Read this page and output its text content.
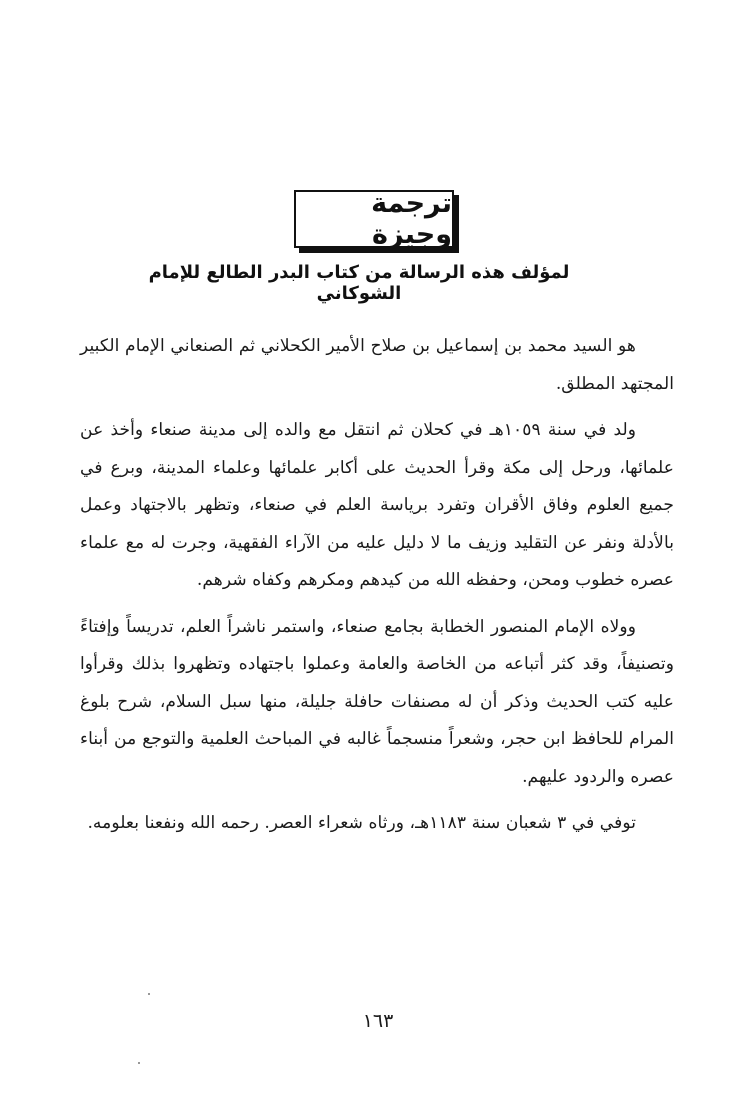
ترجمة وجيزة
لمؤلف هذه الرسالة من كتاب البدر الطالع للإمام الشوكاني

هو السيد محمد بن إسماعيل بن صلاح الأمير الكحلاني ثم الصنعاني الإمام الكبير المجتهد المطلق.

ولد في سنة ١٠٥٩هـ في كحلان ثم انتقل مع والده إلى مدينة صنعاء وأخذ عن علمائها، ورحل إلى مكة وقرأ الحديث على أكابر علمائها وعلماء المدينة، وبرع في جميع العلوم وفاق الأقران وتفرد برياسة العلم في صنعاء، وتظهر بالاجتهاد وعمل بالأدلة ونفر عن التقليد وزيف ما لا دليل عليه من الآراء الفقهية، وجرت له مع علماء عصره خطوب ومحن، وحفظه الله من كيدهم ومكرهم وكفاه شرهم.

وولاه الإمام المنصور الخطابة بجامع صنعاء، واستمر ناشراً العلم، تدريساً وإفتاءً وتصنيفاً، وقد كثر أتباعه من الخاصة والعامة وعملوا باجتهاده وتظهروا بذلك وقرأوا عليه كتب الحديث وذكر أن له مصنفات حافلة جليلة، منها سبل السلام، شرح بلوغ المرام للحافظ ابن حجر، وشعراً منسجماً غالبه في المباحث العلمية والتوجع من أبناء عصره والردود عليهم.

توفي في ٣ شعبان سنة ١١٨٣هـ، ورثاه شعراء العصر. رحمه الله ونفعنا بعلومه.

١٦٣
